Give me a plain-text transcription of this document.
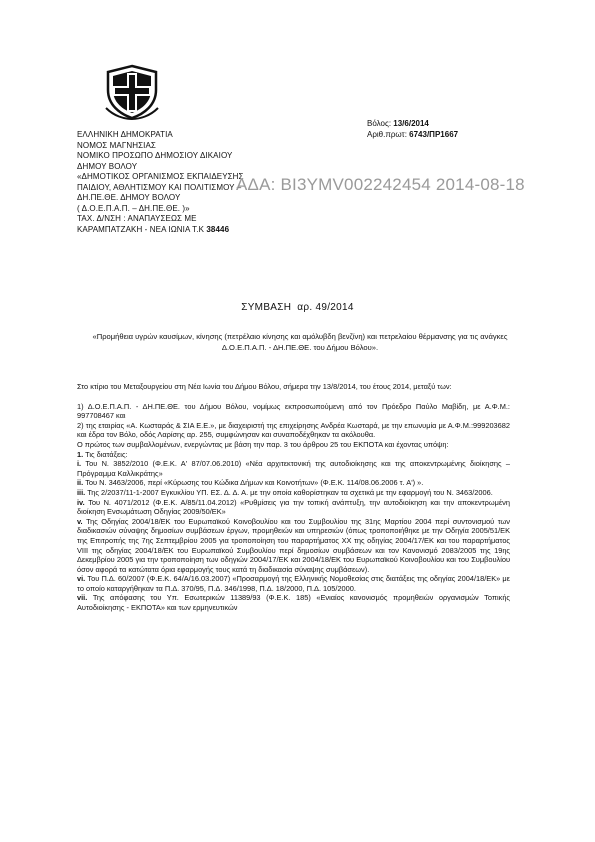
Βόλος: 13/6/2014
Αριθ.πρωτ: 6743/ΠΡ1667
ΕΛΛΗΝΙΚΗ ΔΗΜΟΚΡΑΤΙΑ
ΝΟΜΟΣ ΜΑΓΝΗΣΙΑΣ
ΝΟΜΙΚΟ ΠΡΟΣΩΠΟ ΔΗΜΟΣΙΟΥ ΔΙΚΑΙΟΥ
ΔΗΜΟΥ ΒΟΛΟΥ
«ΔΗΜΟΤΙΚΟΣ ΟΡΓΑΝΙΣΜΟΣ ΕΚΠΑΙΔΕΥΣΗΣ
ΠΑΙΔΙΟΥ, ΑΘΛΗΤΙΣΜΟΥ ΚΑΙ ΠΟΛΙΤΙΣΜΟΥ –
ΔΗ.ΠΕ.ΘΕ. ΔΗΜΟΥ ΒΟΛΟΥ
( Δ.Ο.Ε.Π.Α.Π. – ΔΗ.ΠΕ.ΘΕ. )»
ΤΑΧ. Δ/ΝΣΗ : ΑΝΑΠΑΥΣΕΩΣ ΜΕ
ΚΑΡΑΜΠΑΤΖΑΚΗ - ΝΕΑ ΙΩΝΙΑ Τ.Κ 38446
ΑΔΑ: ΒΙ3ΥΜV002242454 2014-08-18
ΣΥΜΒΑΣΗ αρ. 49/2014
«Προμήθεια υγρών καυσίμων, κίνησης (πετρέλαιο κίνησης και αμόλυβδη βενζίνη) και πετρελαίου θέρμανσης για τις ανάγκες Δ.Ο.Ε.Π.Α.Π. - ΔΗ.ΠΕ.ΘΕ. του Δήμου Βόλου».

Στο κτίριο του Μεταξουργείου στη Νέα Ιωνία του Δήμου Βόλου, σήμερα την 13/8/2014, του έτους 2014, μεταξύ των:

1) Δ.Ο.Ε.Π.Α.Π. - ΔΗ.ΠΕ.ΘΕ. του Δήμου Βόλου, νομίμως εκπροσωπούμενη από τον Πρόεδρο Παύλο Μαβίδη, με Α.Φ.Μ.: 997708467 και

2) της εταιρίας «Α. Κωσταράς & ΣΙΑ Ε.Ε.», με διαχειριστή της επιχείρησης Ανδρέα Κωσταρά, με την επωνυμία με Α.Φ.Μ.:999203682 και έδρα τον Βόλο, οδός Λαρίσης αρ. 255, συμφώνησαν και συναποδέχθηκαν τα ακόλουθα.

Ο πρώτος των συμβαλλομένων, ενεργώντας με βάση την παρ. 3 του άρθρου 25 του ΕΚΠΟΤΑ και έχοντας υπόψη:

1. Τις διατάξεις:

i. Του Ν. 3852/2010 (Φ.Ε.Κ. Α' 87/07.06.2010) «Νέα αρχιτεκτονική της αυτοδιοίκησης και της αποκεντρωμένης διοίκησης – Πρόγραμμα Καλλικράτης»

ii. Του Ν. 3463/2006, περί «Κύρωσης του Κώδικα Δήμων και Κοινοτήτων» (Φ.Ε.Κ. 114/08.06.2006 τ. Α') ».

iii. Της 2/2037/11-1-2007 Εγκυκλίου ΥΠ. ΕΣ. Δ. Δ. Α. με την οποία καθορίστηκαν τα σχετικά με την εφαρμογή του Ν. 3463/2006.

iv. Του Ν. 4071/2012 (Φ.Ε.Κ. Α/85/11.04.2012) «Ρυθμίσεις για την τοπική ανάπτυξη, την αυτοδιοίκηση και την αποκεντρωμένη διοίκηση Ενσωμάτωση Οδηγίας 2009/50/ΕΚ»

v. Της Οδηγίας 2004/18/ΕΚ του Ευρωπαϊκού Κοινοβουλίου και του Συμβουλίου της 31ης Μαρτίου 2004 περί συντονισμού των διαδικασιών σύναψης δημοσίων συμβάσεων έργων, προμηθειών και υπηρεσιών (όπως τροποποιήθηκε με την Οδηγία 2005/51/ΕΚ της Επιτροπής της 7ης Σεπτεμβρίου 2005 για τροποποίηση του παραρτήματος ΧΧ της οδηγίας 2004/17/ΕΚ και του παραρτήματος VIII της οδηγίας 2004/18/ΕΚ του Ευρωπαϊκού Συμβουλίου περί δημοσίων συμβάσεων και τον Κανονισμό 2083/2005 της 19ης Δεκεμβρίου 2005 για την τροποποίηση των οδηγιών 2004/17/ΕΚ και 2004/18/ΕΚ του Ευρωπαϊκού Κοινοβουλίου και του Συμβουλίου όσον αφορά τα κατώτατα όρια εφαρμογής τους κατά τη διαδικασία σύναψης συμβάσεων).

vi. Του Π.Δ. 60/2007 (Φ.Ε.Κ. 64/Α/16.03.2007) «Προσαρμογή της Ελληνικής Νομοθεσίας στις διατάξεις της οδηγίας 2004/18/ΕΚ» με το οποίο καταργήθηκαν τα Π.Δ. 370/95, Π.Δ. 346/1998, Π.Δ. 18/2000, Π.Δ. 105/2000.

vii. Της απόφασης του Υπ. Εσωτερικών 11389/93 (Φ.Ε.Κ. 185) «Ενιαίος κανονισμός προμηθειών οργανισμών Τοπικής Αυτοδιοίκησης - ΕΚΠΟΤΑ» και των ερμηνευτικών
